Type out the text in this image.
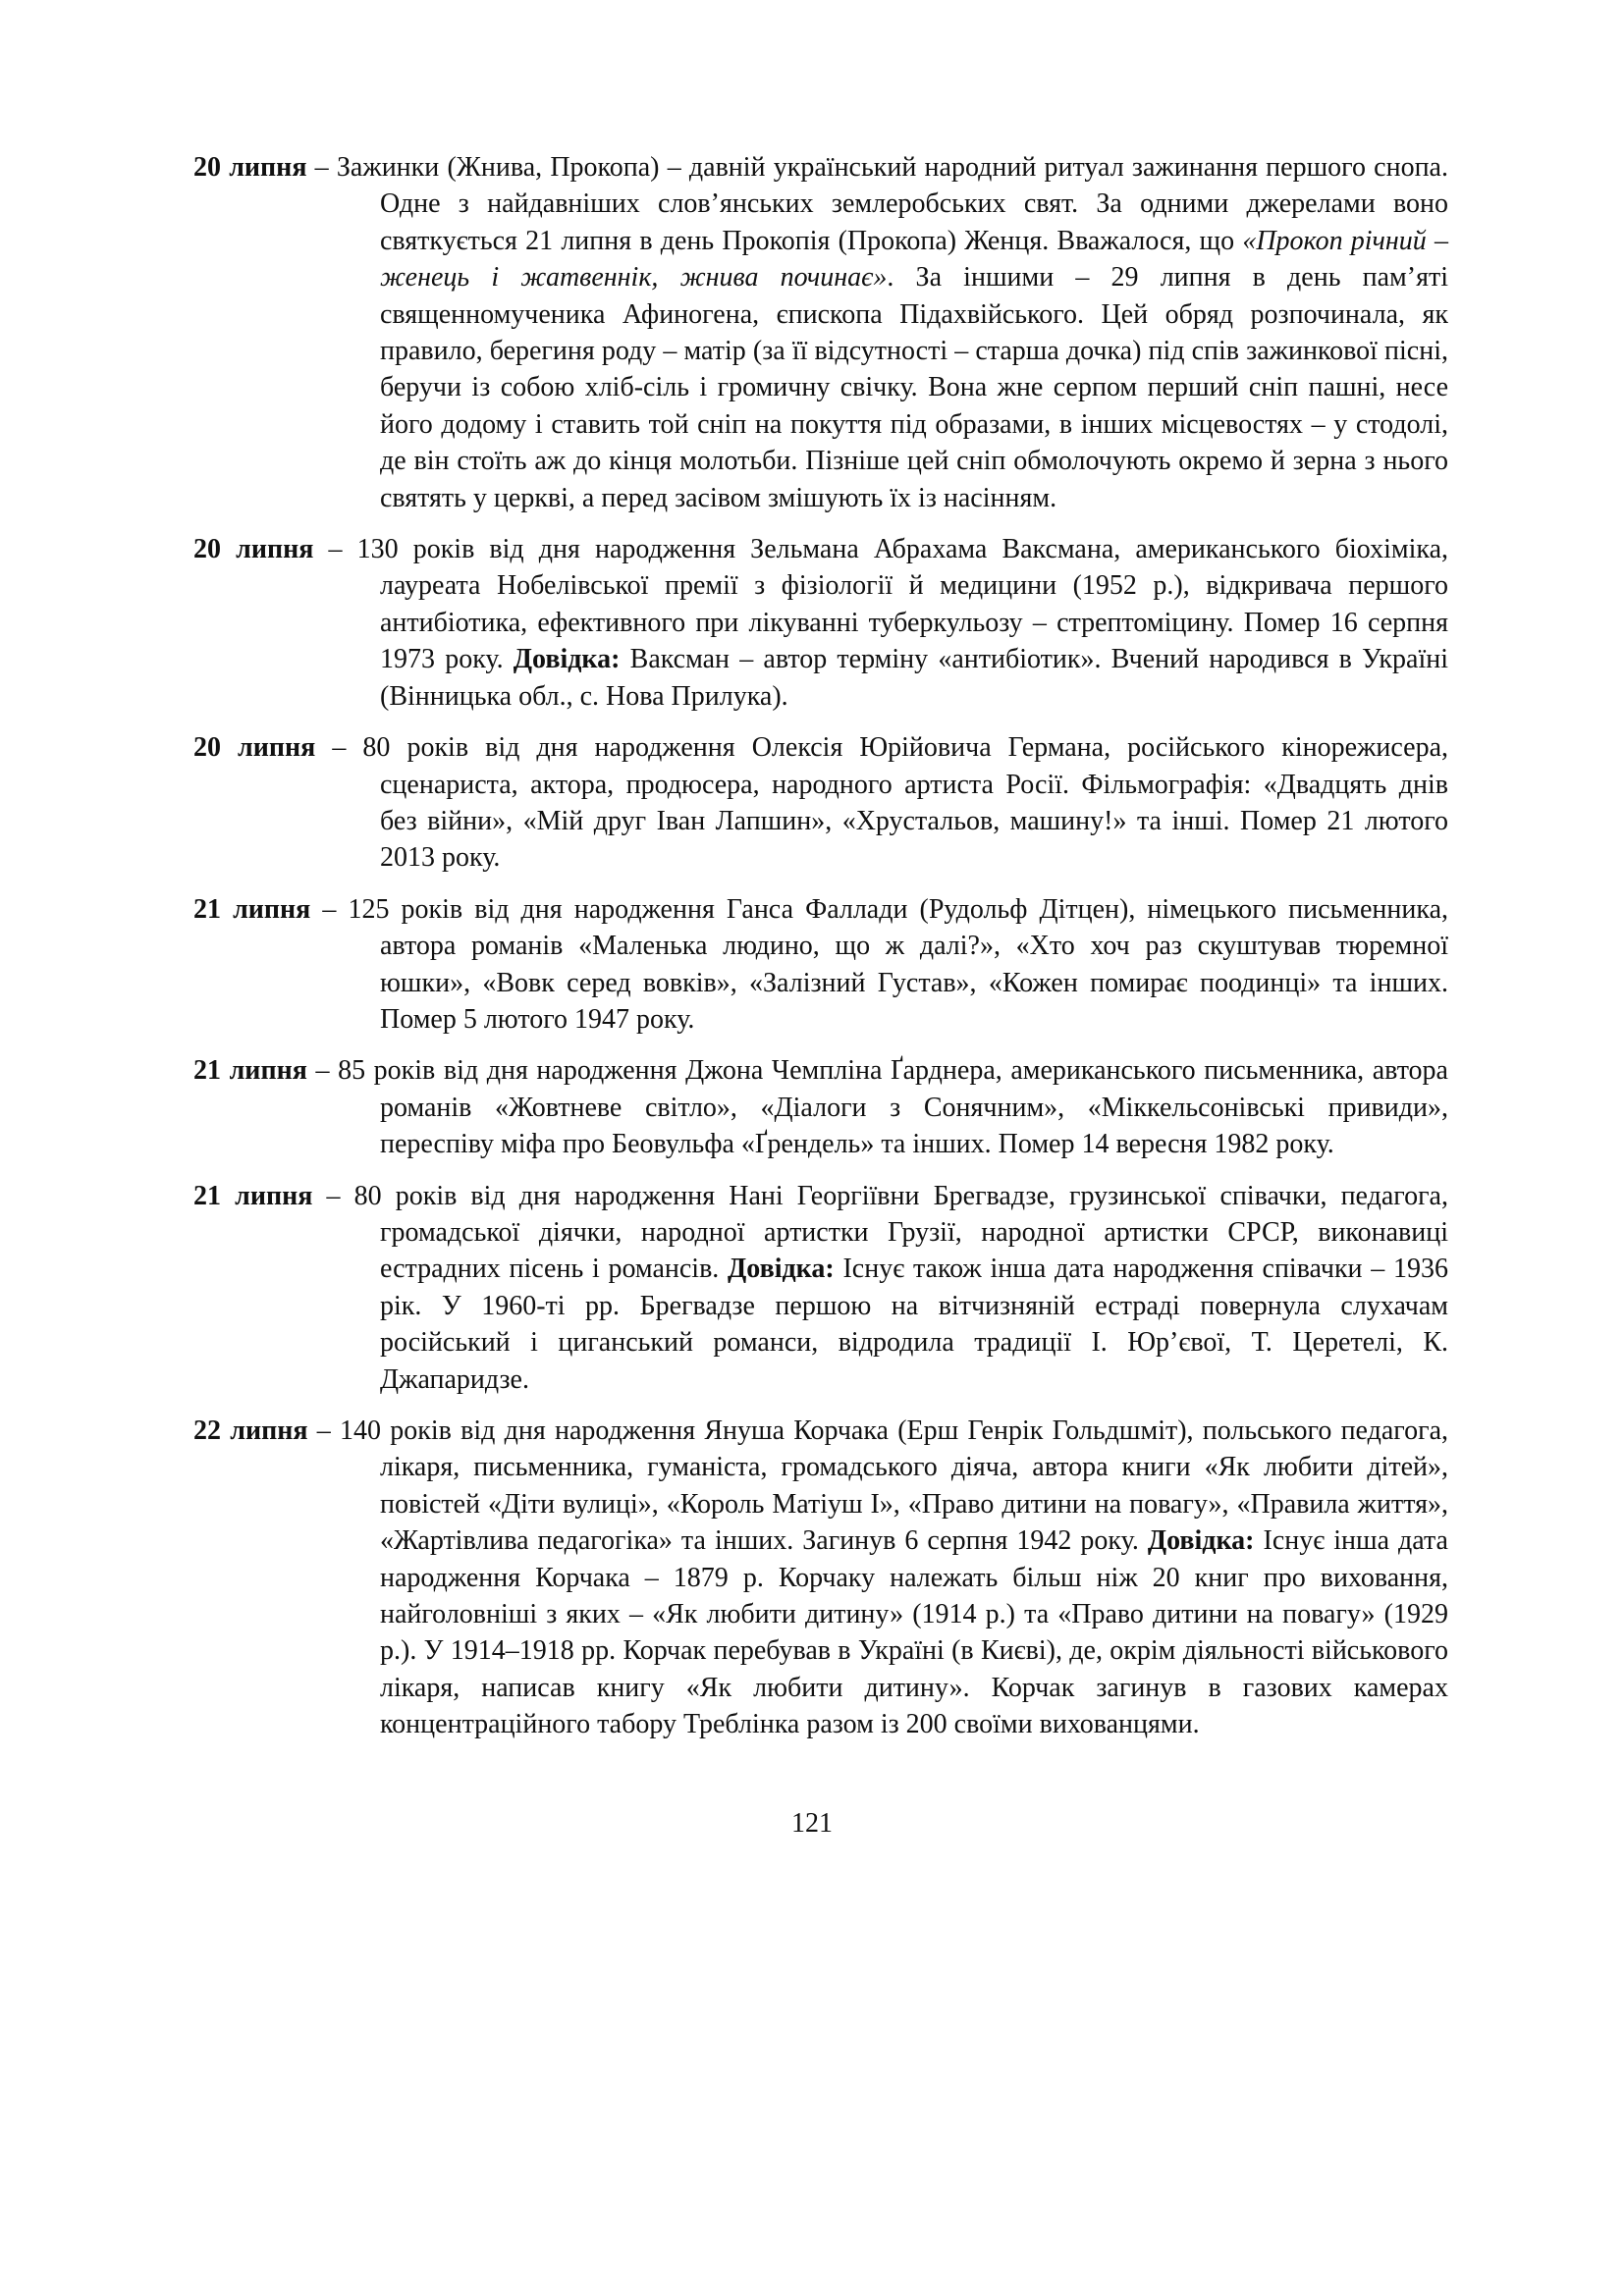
20 липня – Зажинки (Жнива, Прокопа) – давній український народний ритуал зажинання першого снопа. Одне з найдавніших слов’янських землеробських свят. За одними джерелами воно святкується 21 липня в день Прокопія (Прокопа) Женця. Вважалося, що «Прокоп річний – женець і жатвеннік, жнива починає». За іншими – 29 липня в день пам’яті священномученика Афиногена, єпископа Підахвійського. Цей обряд розпочинала, як правило, берегиня роду – матір (за її відсутності – старша дочка) під спів зажинкової пісні, беручи із собою хліб-сіль і громичну свічку. Вона жне серпом перший сніп пашні, несе його додому і ставить той сніп на покуття під образами, в інших місцевостях – у стодолі, де він стоїть аж до кінця молотьби. Пізніше цей сніп обмолочують окремо й зерна з нього святять у церкві, а перед засівом змішують їх із насінням.
20 липня – 130 років від дня народження Зельмана Абрахама Ваксмана, американського біохіміка, лауреата Нобелівської премії з фізіології й медицини (1952 р.), відкривача першого антибіотика, ефективного при лікуванні туберкульозу – стрептоміцину. Помер 16 серпня 1973 року. Довідка: Ваксман – автор терміну «антибіотик». Вчений народився в Україні (Вінницька обл., с. Нова Прилука).
20 липня – 80 років від дня народження Олексія Юрійовича Германа, російського кінорежисера, сценариста, актора, продюсера, народного артиста Росії. Фільмографія: «Двадцять днів без війни», «Мій друг Іван Лапшин», «Хрустальов, машину!» та інші. Помер 21 лютого 2013 року.
21 липня – 125 років від дня народження Ганса Фаллади (Рудольф Дітцен), німецького письменника, автора романів «Маленька людино, що ж далі?», «Хто хоч раз скуштував тюремної юшки», «Вовк серед вовків», «Залізний Густав», «Кожен помирає поодинці» та інших. Помер 5 лютого 1947 року.
21 липня – 85 років від дня народження Джона Чемпліна Ґарднера, американського письменника, автора романів «Жовтневе світло», «Діалоги з Сонячним», «Міккельсонівські привиди», переспіву міфа про Беовульфа «Ґрендель» та інших. Помер 14 вересня 1982 року.
21 липня – 80 років від дня народження Нані Георгіївни Брегвадзе, грузинської співачки, педагога, громадської діячки, народної артистки Грузії, народної артистки СРСР, виконавиці естрадних пісень і романсів. Довідка: Існує також інша дата народження співачки – 1936 рік. У 1960-ті рр. Брегвадзе першою на вітчизняній естраді повернула слухачам російський і циганський романси, відродила традиції І. Юр’євої, Т. Церетелі, К. Джапаридзе.
22 липня – 140 років від дня народження Януша Корчака (Ерш Генрік Гольдшміт), польського педагога, лікаря, письменника, гуманіста, громадського діяча, автора книги «Як любити дітей», повістей «Діти вулиці», «Король Матіуш І», «Право дитини на повагу», «Правила життя», «Жартівлива педагогіка» та інших. Загинув 6 серпня 1942 року. Довідка: Існує інша дата народження Корчака – 1879 р. Корчаку належать більш ніж 20 книг про виховання, найголовніші з яких – «Як любити дитину» (1914 р.) та «Право дитини на повагу» (1929 р.). У 1914–1918 рр. Корчак перебував в Україні (в Києві), де, окрім діяльності військового лікаря, написав книгу «Як любити дитину». Корчак загинув в газових камерах концентраційного табору Треблінка разом із 200 своїми вихованцями.
121
